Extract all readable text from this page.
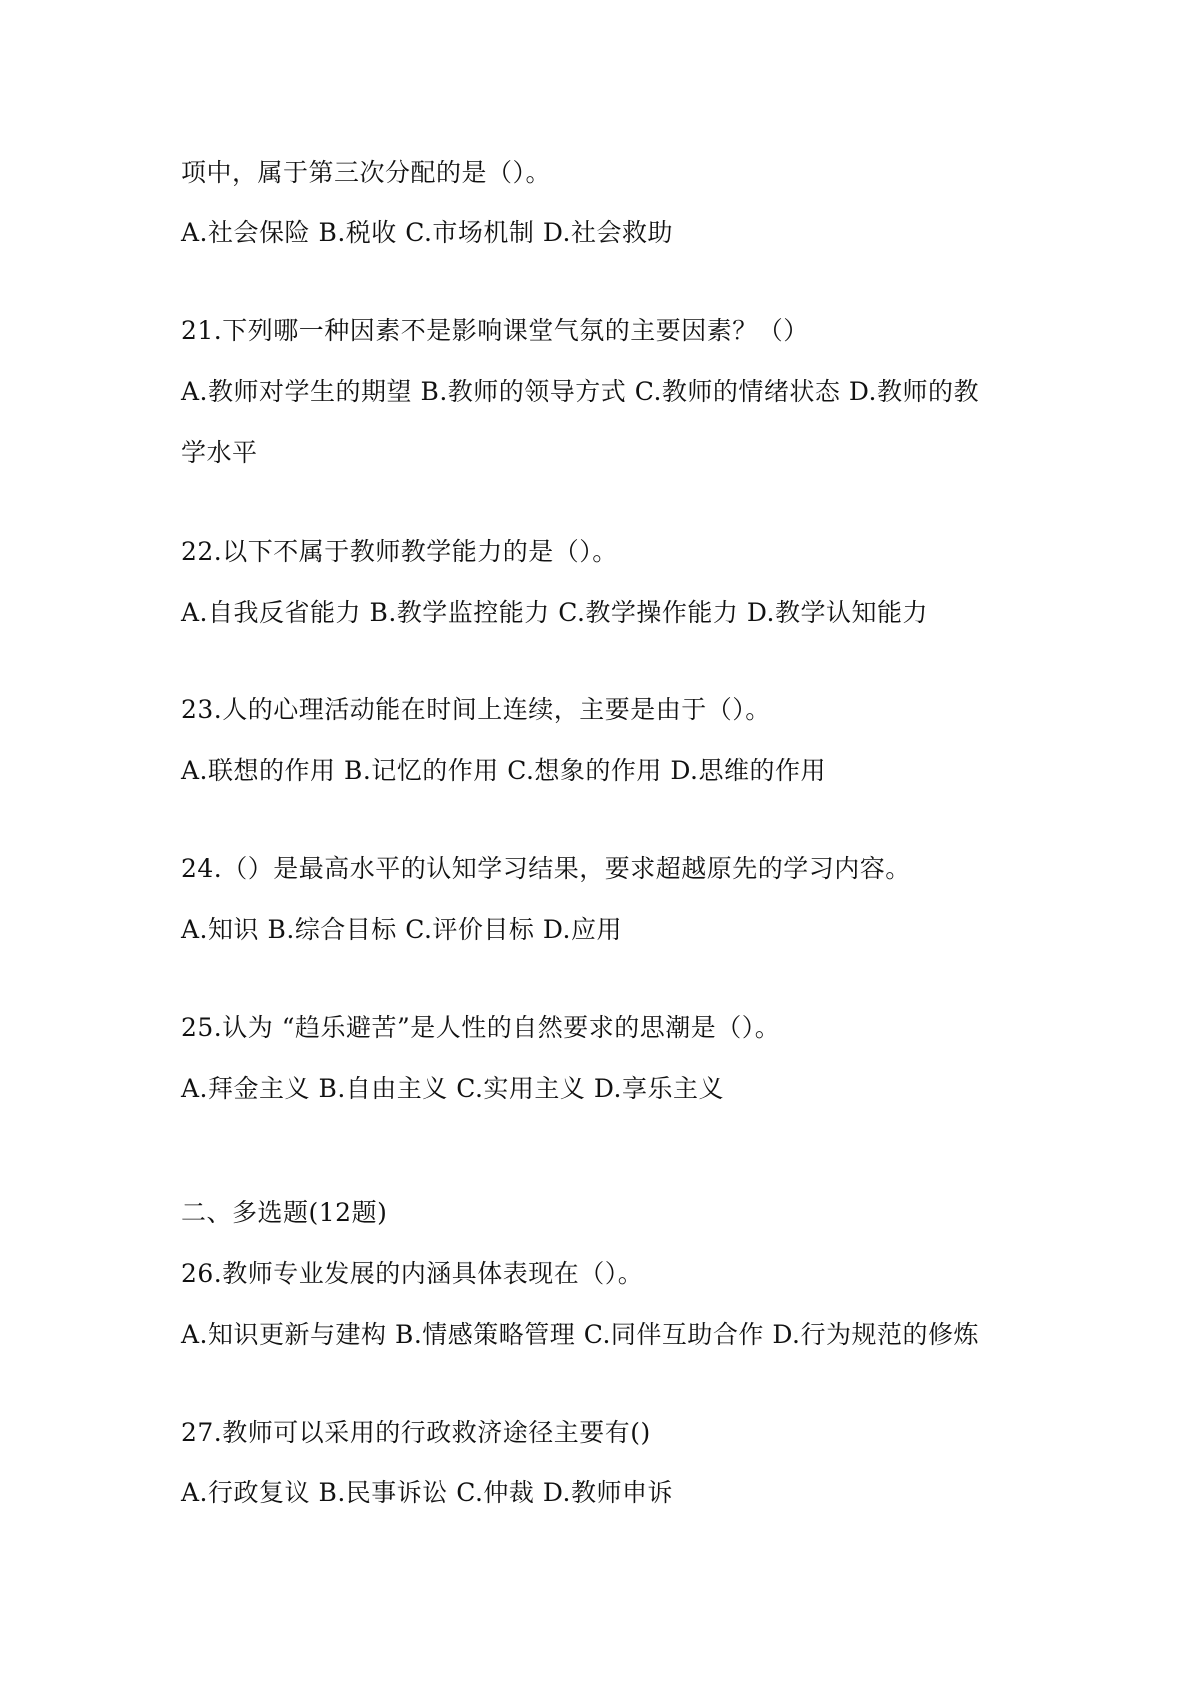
项中，属于第三次分配的是（）。
A.社会保险 B.税收 C.市场机制 D.社会救助
21.下列哪一种因素不是影响课堂气氛的主要因素？（）
A.教师对学生的期望 B.教师的领导方式 C.教师的情绪状态 D.教师的教
学水平
22.以下不属于教师教学能力的是（）。
A.自我反省能力 B.教学监控能力 C.教学操作能力 D.教学认知能力
23.人的心理活动能在时间上连续，主要是由于（）。
A.联想的作用 B.记忆的作用 C.想象的作用 D.思维的作用
24.（）是最高水平的认知学习结果，要求超越原先的学习内容。
A.知识 B.综合目标 C.评价目标 D.应用
25.认为 “趋乐避苦”是人性的自然要求的思潮是（）。
A.拜金主义 B.自由主义 C.实用主义 D.享乐主义
二、多选题(12题)
26.教师专业发展的内涵具体表现在（）。
A.知识更新与建构 B.情感策略管理 C.同伴互助合作 D.行为规范的修炼
27.教师可以采用的行政救济途径主要有()
A.行政复议 B.民事诉讼 C.仲裁 D.教师申诉
